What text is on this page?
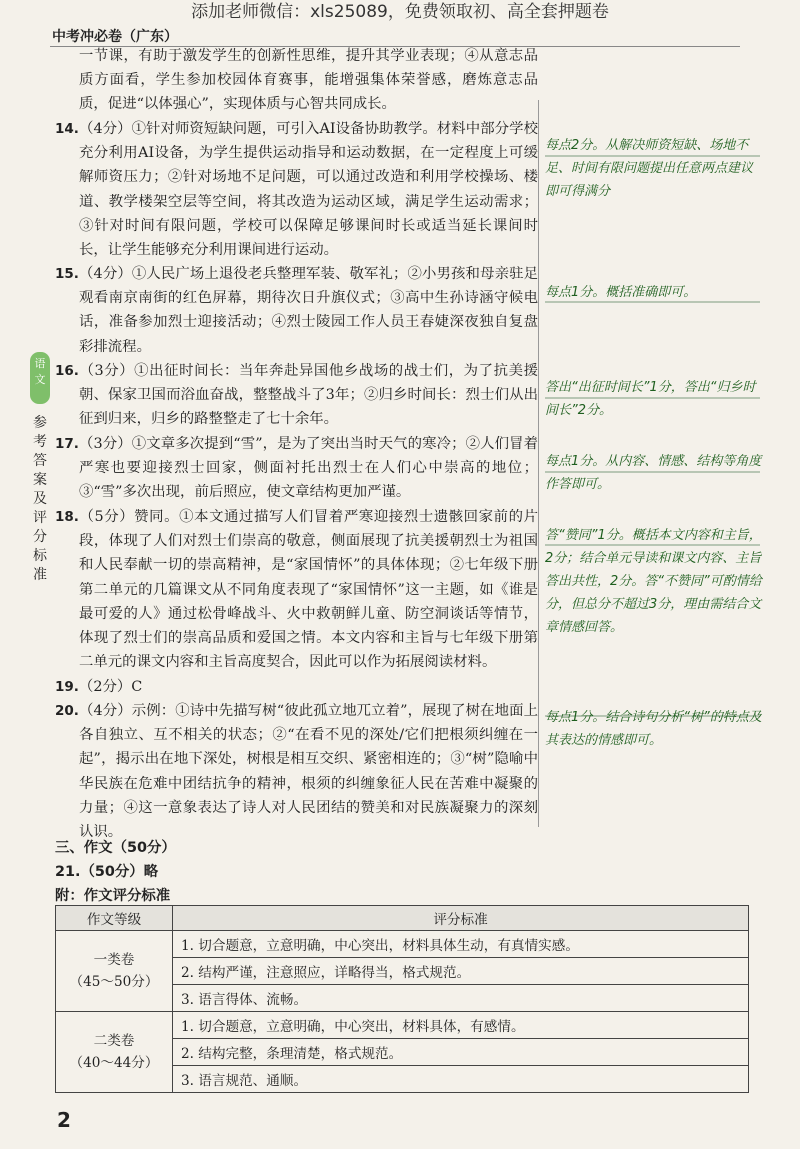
添加老师微信：xls25089，免费领取初、高全套押题卷
中考冲必卷（广东）
语文
参考答案及评分标准
一节课，有助于激发学生的创新性思维，提升其学业表现；④从意志品质方面看，学生参加校园体育赛事，能增强集体荣誉感，磨炼意志品质，促进“以体强心”，实现体质与心智共同成长。
14.（4分）①针对师资短缺问题，可引入AI设备协助教学。材料中部分学校充分利用AI设备，为学生提供运动指导和运动数据，在一定程度上可缓解师资压力；②针对场地不足问题，可以通过改造和利用学校操场、楼道、教学楼架空层等空间，将其改造为运动区域，满足学生运动需求；③针对时间有限问题，学校可以保障足够课间时长或适当延长课间时长，让学生能够充分利用课间进行运动。
15.（4分）①人民广场上退役老兵整理军装、敬军礼；②小男孩和母亲驻足观看南京南街的红色屏幕，期待次日升旗仪式；③高中生孙诗涵守候电话，准备参加烈士迎接活动；④烈士陵园工作人员王春婕深夜独自复盘彩排流程。
16.（3分）①出征时间长：当年奔赴异国他乡战场的战士们，为了抗美援朝、保家卫国而浴血奋战，整整战斗了3年；②归乡时间长：烈士们从出征到归来，归乡的路整整走了七十余年。
17.（3分）①文章多次提到“雪”，是为了突出当时天气的寒冷；②人们冒着严寒也要迎接烈士回家，侧面衬托出烈士在人们心中崇高的地位；③“雪”多次出现，前后照应，使文章结构更加严谨。
18.（5分）赞同。①本文通过描写人们冒着严寒迎接烈士遗骸回家前的片段，体现了人们对烈士们崇高的敬意，侧面展现了抗美援朝烈士为祖国和人民奉献一切的崇高精神，是“家国情怀”的具体体现；②七年级下册第二单元的几篇课文从不同角度表现了“家国情怀”这一主题，如《谁是最可爱的人》通过松骨峰战斗、火中救朝鲜儿童、防空洞谈话等情节，体现了烈士们的崇高品质和爱国之情。本文内容和主旨与七年级下册第二单元的课文内容和主旨高度契合，因此可以作为拓展阅读材料。
19.（2分）C
20.（4分）示例：①诗中先描写树“彼此孤立地兀立着”，展现了树在地面上各自独立、互不相关的状态；②“在看不见的深处/它们把根须纠缠在一起”，揭示出在地下深处，树根是相互交织、紧密相连的；③“树”隐喻中华民族在危难中团结抗争的精神，根须的纠缠象征人民在苦难中凝聚的力量；④这一意象表达了诗人对人民团结的赞美和对民族凝聚力的深刻认识。
每点2分。从解决师资短缺、场地不足、时间有限问题提出任意两点建议即可得满分
每点1分。概括准确即可。
答出“出征时间长”1分，答出“归乡时间长”2分。
每点1分。从内容、情感、结构等角度作答即可。
答“赞同”1分。概括本文内容和主旨，2分；结合单元导读和课文内容、主旨答出共性，2分。答“不赞同”可酌情给分，但总分不超过3分，理由需结合文章情感回答。
每点1分。结合诗句分析“树”的特点及其表达的情感即可。
三、作文（50分）
21.（50分）略
附：作文评分标准
作文等级	评分标准

一类卷
（45～50分）	1. 切合题意，立意明确，中心突出，材料具体生动，有真情实感。
	2. 结构严谨，注意照应，详略得当，格式规范。
	3. 语言得体、流畅。

二类卷
（40～44分）	1. 切合题意，立意明确，中心突出，材料具体，有感情。
	2. 结构完整，条理清楚，格式规范。
	3. 语言规范、通顺。
2
